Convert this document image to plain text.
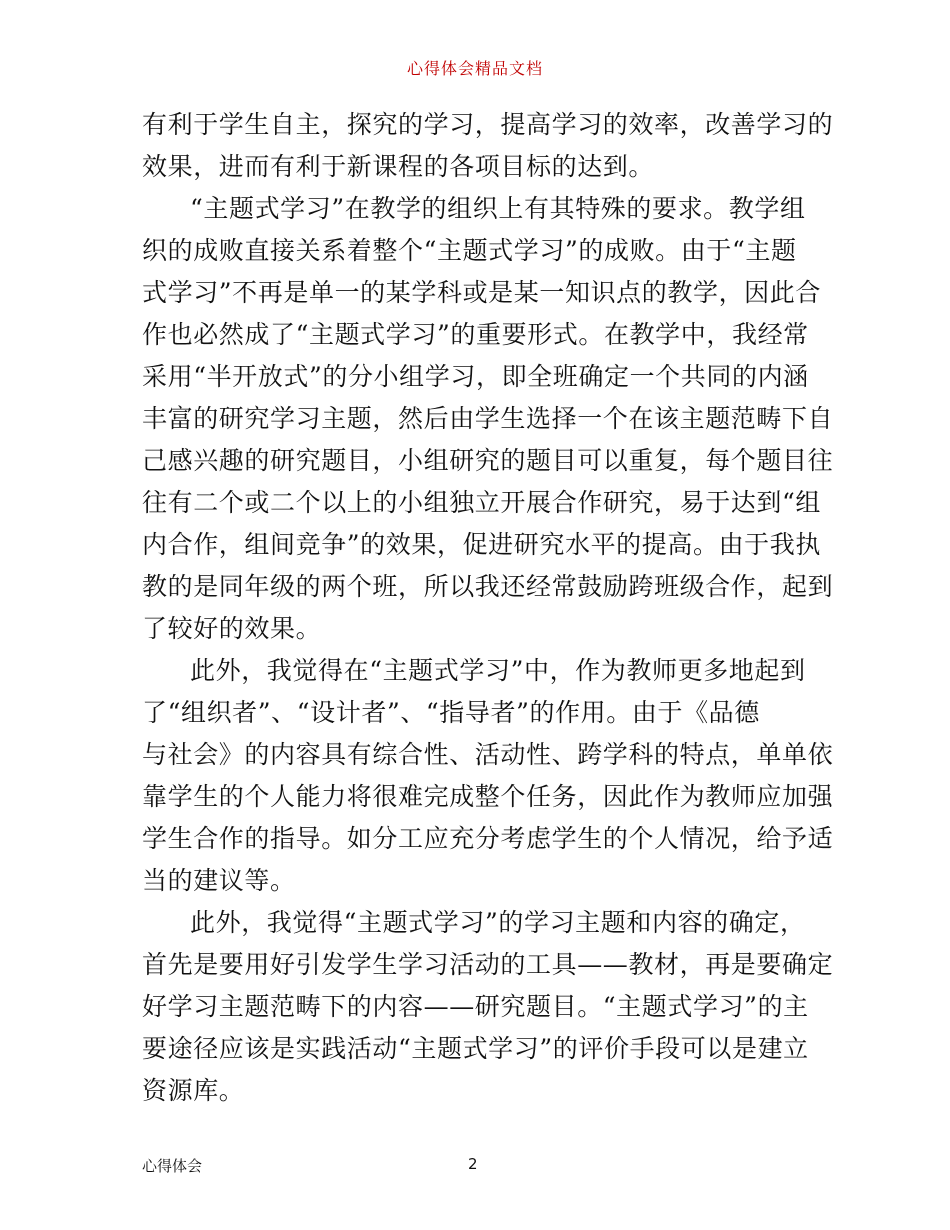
心得体会精品文档
有利于学生自主，探究的学习，提高学习的效率，改善学习的
效果，进而有利于新课程的各项目标的达到。
“主题式学习”在教学的组织上有其特殊的要求。教学组
织的成败直接关系着整个“主题式学习”的成败。由于“主题
式学习”不再是单一的某学科或是某一知识点的教学，因此合
作也必然成了“主题式学习”的重要形式。在教学中，我经常
采用“半开放式”的分小组学习，即全班确定一个共同的内涵
丰富的研究学习主题，然后由学生选择一个在该主题范畴下自
己感兴趣的研究题目，小组研究的题目可以重复，每个题目往
往有二个或二个以上的小组独立开展合作研究，易于达到“组
内合作，组间竞争”的效果，促进研究水平的提高。由于我执
教的是同年级的两个班，所以我还经常鼓励跨班级合作，起到
了较好的效果。
此外，我觉得在“主题式学习”中，作为教师更多地起到
了“组织者”、“设计者”、“指导者”的作用。由于《品德
与社会》的内容具有综合性、活动性、跨学科的特点，单单依
靠学生的个人能力将很难完成整个任务，因此作为教师应加强
学生合作的指导。如分工应充分考虑学生的个人情况，给予适
当的建议等。
此外，我觉得“主题式学习”的学习主题和内容的确定，
首先是要用好引发学生学习活动的工具——教材，再是要确定
好学习主题范畴下的内容——研究题目。“主题式学习”的主
要途径应该是实践活动“主题式学习”的评价手段可以是建立
资源库。
心得体会	2
